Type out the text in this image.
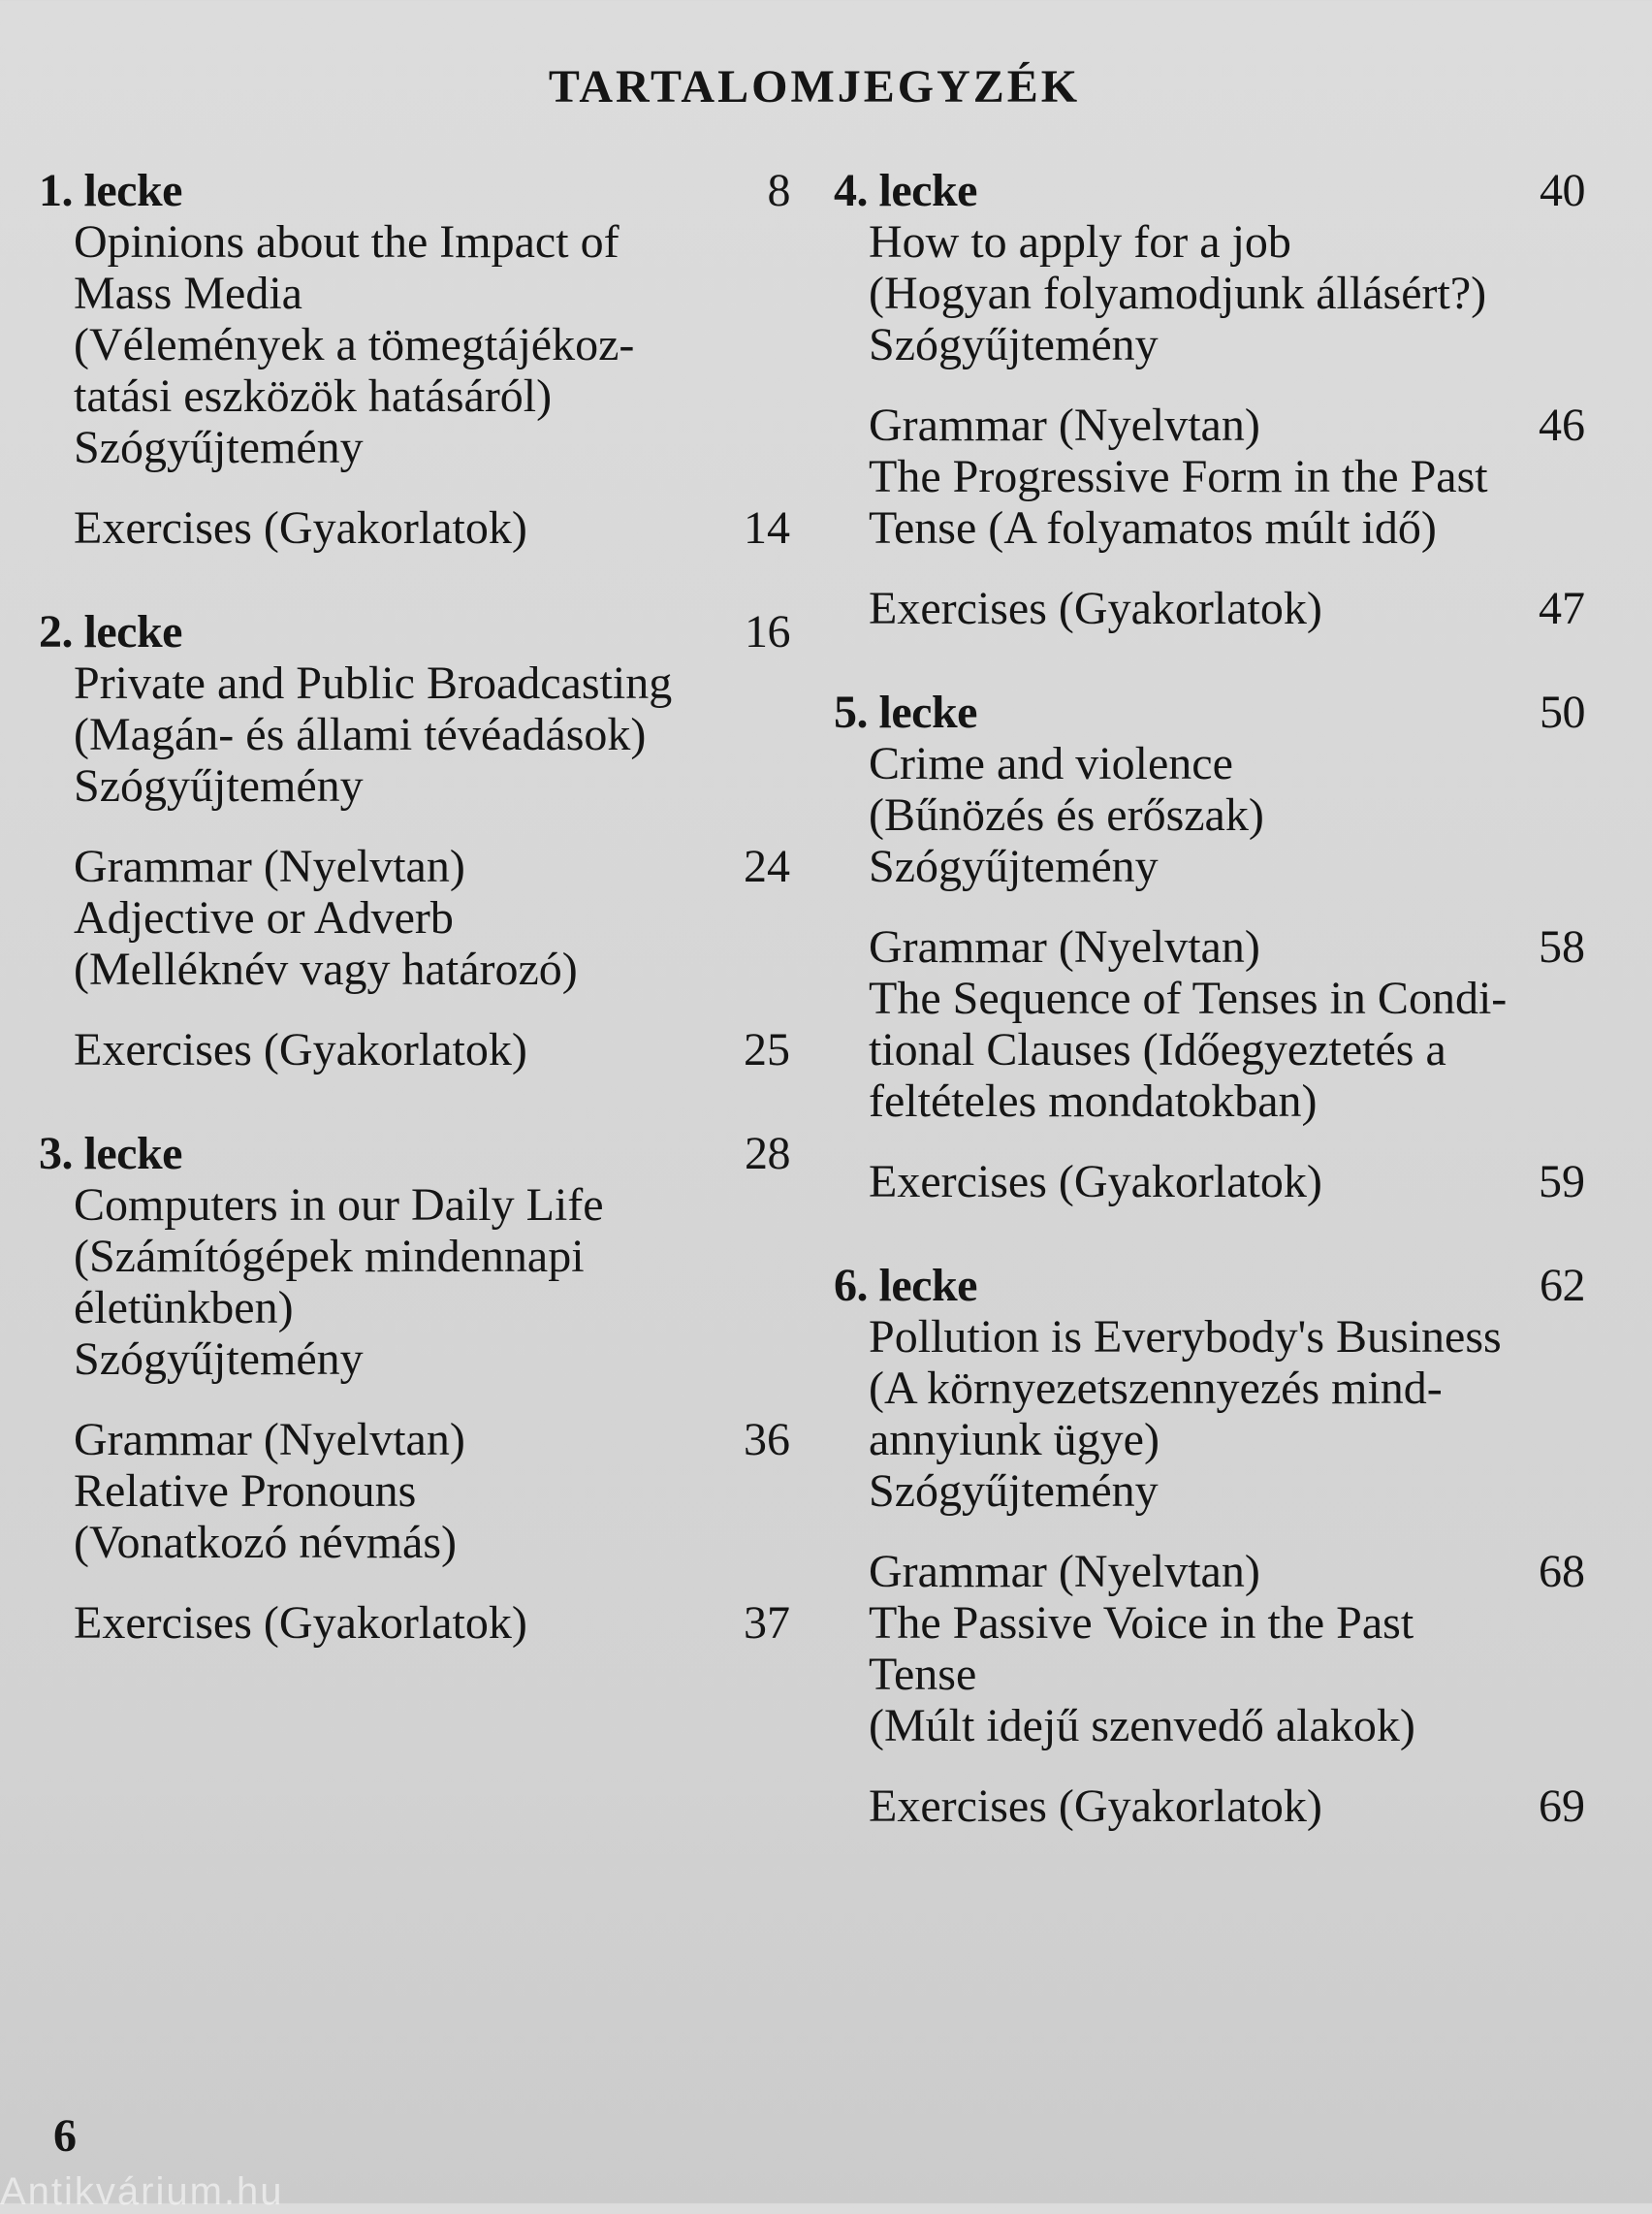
TARTALOMJEGYZÉK
1. lecke	8
Opinions about the Impact of
Mass Media
(Vélemények a tömegtájékoz-
tatási eszközök hatásáról)
Szógyűjtemény
Exercises (Gyakorlatok)	14
2. lecke	16
Private and Public Broadcasting
(Magán- és állami tévéadások)
Szógyűjtemény
Grammar (Nyelvtan)	24
Adjective or Adverb
(Melléknév vagy határozó)
Exercises (Gyakorlatok)	25
3. lecke	28
Computers in our Daily Life
(Számítógépek mindennapi
életünkben)
Szógyűjtemény
Grammar (Nyelvtan)	36
Relative Pronouns
(Vonatkozó névmás)
Exercises (Gyakorlatok)	37
4. lecke	40
How to apply for a job
(Hogyan folyamodjunk állásért?)
Szógyűjtemény
Grammar (Nyelvtan)	46
The Progressive Form in the Past
Tense (A folyamatos múlt idő)
Exercises (Gyakorlatok)	47
5. lecke	50
Crime and violence
(Bűnözés és erőszak)
Szógyűjtemény
Grammar (Nyelvtan)	58
The Sequence of Tenses in Condi-
tional Clauses (Időegyeztetés a
feltételes mondatokban)
Exercises (Gyakorlatok)	59
6. lecke	62
Pollution is Everybody's Business
(A környezetszennyezés mind-
annyiunk ügye)
Szógyűjtemény
Grammar (Nyelvtan)	68
The Passive Voice in the Past
Tense
(Múlt idejű szenvedő alakok)
Exercises (Gyakorlatok)	69
6
Antikvárium.hu
